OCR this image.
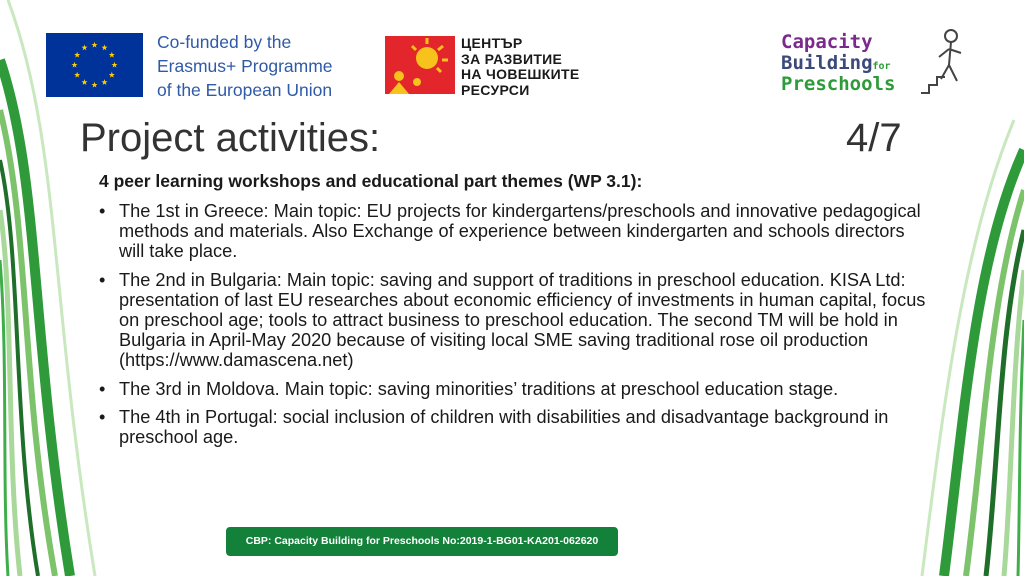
Co-funded by the
Erasmus+ Programme
of the European Union
ЦЕНТЪР
ЗА РАЗВИТИЕ
НА ЧОВЕШКИТЕ
РЕСУРСИ
Capacity
Buildingfor
Preschools
Project activities:	4/7
4 peer learning workshops and educational part themes (WP 3.1):
• The 1st in Greece: Main topic: EU projects for kindergartens/preschools and innovative pedagogical methods and materials. Also Exchange of experience between kindergarten and schools directors will take place.
• The 2nd in Bulgaria: Main topic: saving and support of traditions in preschool education. KISA Ltd: presentation of last EU researches about economic efficiency of investments in human capital, focus on preschool age; tools to attract business to preschool education. The second TM will be hold in Bulgaria in April-May 2020 because of visiting local SME saving traditional rose oil production (https://www.damascena.net)
• The 3rd in Moldova. Main topic: saving minorities’ traditions at preschool education stage.
• The 4th in Portugal: social inclusion of children with disabilities and disadvantage background in preschool age.
CBP: Capacity Building for Preschools No:2019-1-BG01-KA201-062620
